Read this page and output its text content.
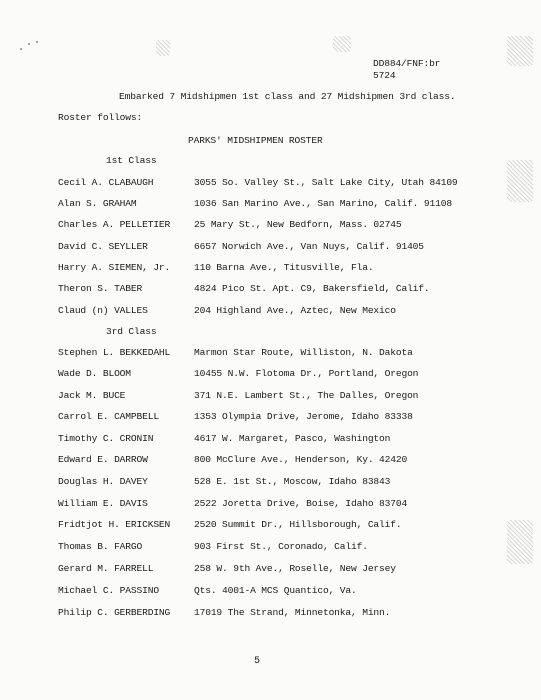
DD884/FNF:br
5724
Embarked 7 Midshipmen 1st class and 27 Midshipmen 3rd class.
Roster follows:
PARKS' MIDSHIPMEN ROSTER
1st Class
Cecil A. CLABAUGH	3055 So. Valley St., Salt Lake City, Utah 84109
Alan S. GRAHAM	1036 San Marino Ave., San Marino, Calif. 91108
Charles A. PELLETIER 25 Mary St., New Bedforn, Mass. 02745
David C. SEYLLER	6657 Norwich Ave., Van Nuys, Calif. 91405
Harry A. SIEMEN, Jr. 110 Barna Ave., Titusville, Fla.
Theron S. TABER	4824 Pico St. Apt. C9, Bakersfield, Calif.
Claud (n) VALLES	204 Highland Ave., Aztec, New Mexico
3rd Class
Stephen L. BEKKEDAHL Marmon Star Route, Williston, N. Dakota
Wade D. BLOOM	10455 N.W. Flotoma Dr., Portland, Oregon
Jack M. BUCE	371 N.E. Lambert St., The Dalles, Oregon
Carrol E. CAMPBELL	1353 Olympia Drive, Jerome, Idaho 83338
Timothy C. CRONIN	4617 W. Margaret, Pasco, Washington
Edward E. DARROW	800 McClure Ave., Henderson, Ky. 42420
Douglas H. DAVEY	528 E. 1st St., Moscow, Idaho 83843
William E. DAVIS	2522 Joretta Drive, Boise, Idaho 83704
Fridtjot H. ERICKSEN 2520 Summit Dr., Hillsborough, Calif.
Thomas B. FARGO	903 First St., Coronado, Calif.
Gerard M. FARRELL	258 W. 9th Ave., Roselle, New Jersey
Michael C. PASSINO	Qts. 4001-A MCS Quantico, Va.
Philip C. GERBERDING 17019 The Strand, Minnetonka, Minn.
5
